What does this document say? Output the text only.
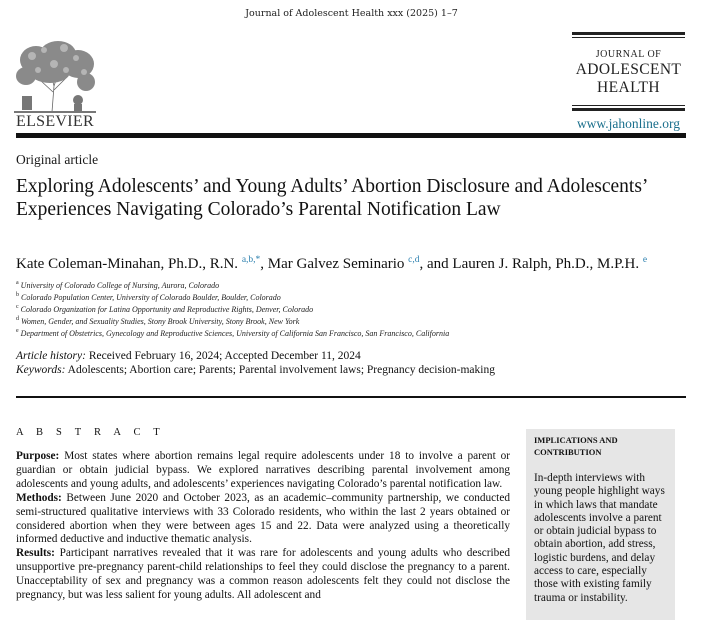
Journal of Adolescent Health xxx (2025) 1–7
ELSEVIER
JOURNAL OF
ADOLESCENT
HEALTH
www.jahonline.org
Original article
Exploring Adolescents’ and Young Adults’ Abortion Disclosure and Adolescents’ Experiences Navigating Colorado’s Parental Notification Law
Kate Coleman-Minahan, Ph.D., R.N. $^{a,b,*}$, Mar Galvez Seminario $^{c,d}$, and Lauren J. Ralph, Ph.D., M.P.H. $^e$
$^a$ University of Colorado College of Nursing, Aurora, Colorado
$^b$ Colorado Population Center, University of Colorado Boulder, Boulder, Colorado
$^c$ Colorado Organization for Latina Opportunity and Reproductive Rights, Denver, Colorado
$^d$ Women, Gender, and Sexuality Studies, Stony Brook University, Stony Brook, New York
$^e$ Department of Obstetrics, Gynecology and Reproductive Sciences, University of California San Francisco, San Francisco, California
Article history: Received February 16, 2024; Accepted December 11, 2024
Keywords: Adolescents; Abortion care; Parents; Parental involvement laws; Pregnancy decision-making
A B S T R A C T

Purpose: Most states where abortion remains legal require adolescents under 18 to involve a parent or guardian or obtain judicial bypass. We explored narratives describing parental involvement among adolescents and young adults, and adolescents’ experiences navigating Colorado’s parental notification law.

Methods: Between June 2020 and October 2023, as an academic–community partnership, we conducted semi-structured qualitative interviews with 33 Colorado residents, who within the last 2 years obtained or considered abortion when they were between ages 15 and 22. Data were analyzed using a theoretically informed deductive and inductive thematic analysis.

Results: Participant narratives revealed that it was rare for adolescents and young adults who described unsupportive pre-pregnancy parent-child relationships to feel they could disclose the pregnancy to a parent. Unacceptability of sex and pregnancy was a common reason adolescents felt they could not disclose the pregnancy, but was less salient for young adults. All adolescent and

IMPLICATIONS AND CONTRIBUTION
In-depth interviews with young people highlight ways in which laws that mandate adolescents involve a parent or obtain judicial bypass to obtain abortion, add stress, logistic burdens, and delay access to care, especially those with existing family trauma or instability.
